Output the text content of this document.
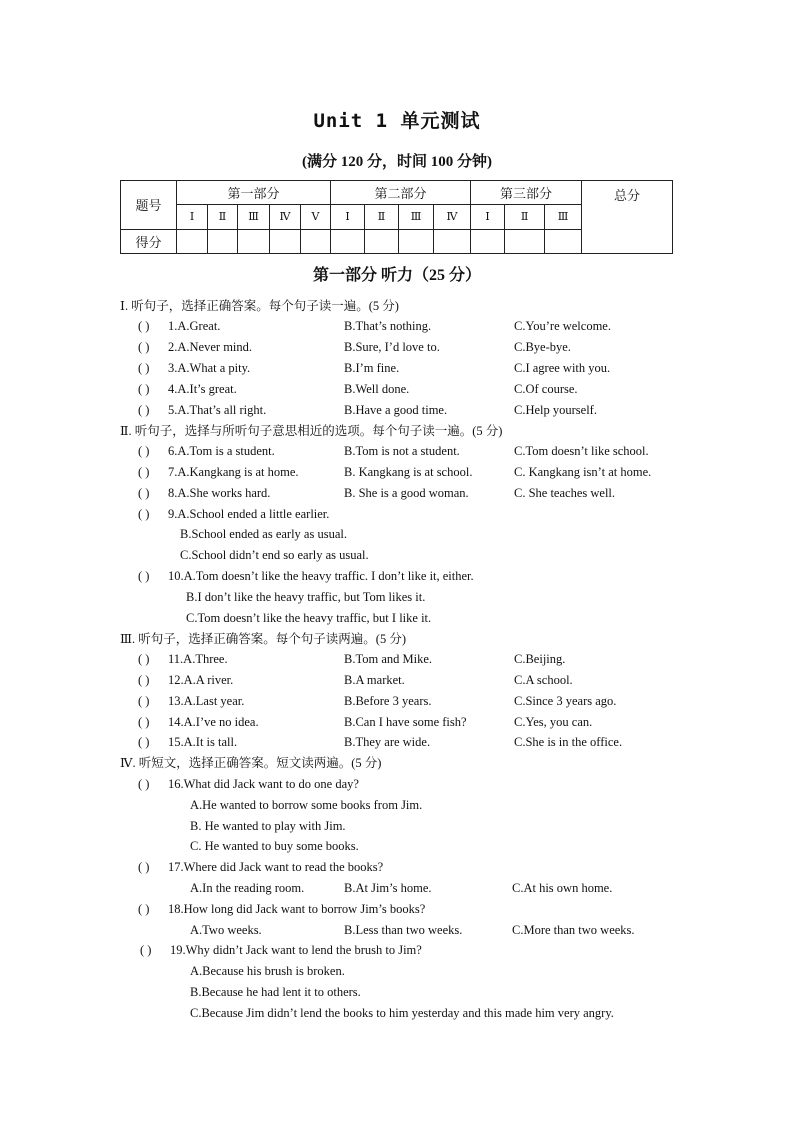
Unit 1 单元测试
(满分 120 分，时间 100 分钟)
题号	第一部分					第二部分				第三部分			总分
	Ⅰ	Ⅱ	Ⅲ	Ⅳ	Ⅴ	Ⅰ	Ⅱ	Ⅲ	Ⅳ	Ⅰ	Ⅱ	Ⅲ	
得分													
第一部分 听力（25 分）
Ⅰ. 听句子，选择正确答案。每个句子读一遍。(5 分)
Ⅱ. 听句子，选择与所听句子意思相近的选项。每个句子读一遍。(5 分)
Ⅲ. 听句子，选择正确答案。每个句子读两遍。(5 分)
Ⅳ. 听短文，选择正确答案。短文读两遍。(5 分)
( ) 1.A.Great.	B.That’s nothing.	C.You’re welcome.
( ) 2.A.Never mind.	B.Sure, I’d love to.	C.Bye-bye.
( ) 3.A.What a pity.	B.I’m fine.	C.I agree with you.
( ) 4.A.It’s great.	B.Well done.	C.Of course.
( ) 5.A.That’s all right.	B.Have a good time.	C.Help yourself.
( ) 6.A.Tom is a student.	B.Tom is not a student.	C.Tom doesn’t like school.
( ) 7.A.Kangkang is at home.	B. Kangkang is at school.	C. Kangkang isn’t at home.
( ) 8.A.She works hard.	B. She is a good woman.	C. She teaches well.
( ) 11.A.Three.	B.Tom and Mike.	C.Beijing.
( ) 12.A.A river.	B.A market.	C.A school.
( ) 13.A.Last year.	B.Before 3 years.	C.Since 3 years ago.
( ) 14.A.I’ve no idea.	B.Can I have some fish?	C.Yes, you can.
( ) 15.A.It is tall.	B.They are wide.	C.She is in the office.
( ) 9.A.School ended a little earlier.
B.School ended as early as usual.
C.School didn’t end so early as usual.
( ) 10.A.Tom doesn’t like the heavy traffic. I don’t like it, either.
B.I don’t like the heavy traffic, but Tom likes it.
C.Tom doesn’t like the heavy traffic, but I like it.
( ) 16.What did Jack want to do one day?
A.He wanted to borrow some books from Jim.
B. He wanted to play with Jim.
C. He wanted to buy some books.
( ) 17.Where did Jack want to read the books?
A.In the reading room.	B.At Jim’s home.	C.At his own home.
( ) 18.How long did Jack want to borrow Jim’s books?
A.Two weeks.	B.Less than two weeks.	C.More than two weeks.
( ) 19.Why didn’t Jack want to lend the brush to Jim?
A.Because his brush is broken.
B.Because he had lent it to others.
C.Because Jim didn’t lend the books to him yesterday and this made him very angry.
